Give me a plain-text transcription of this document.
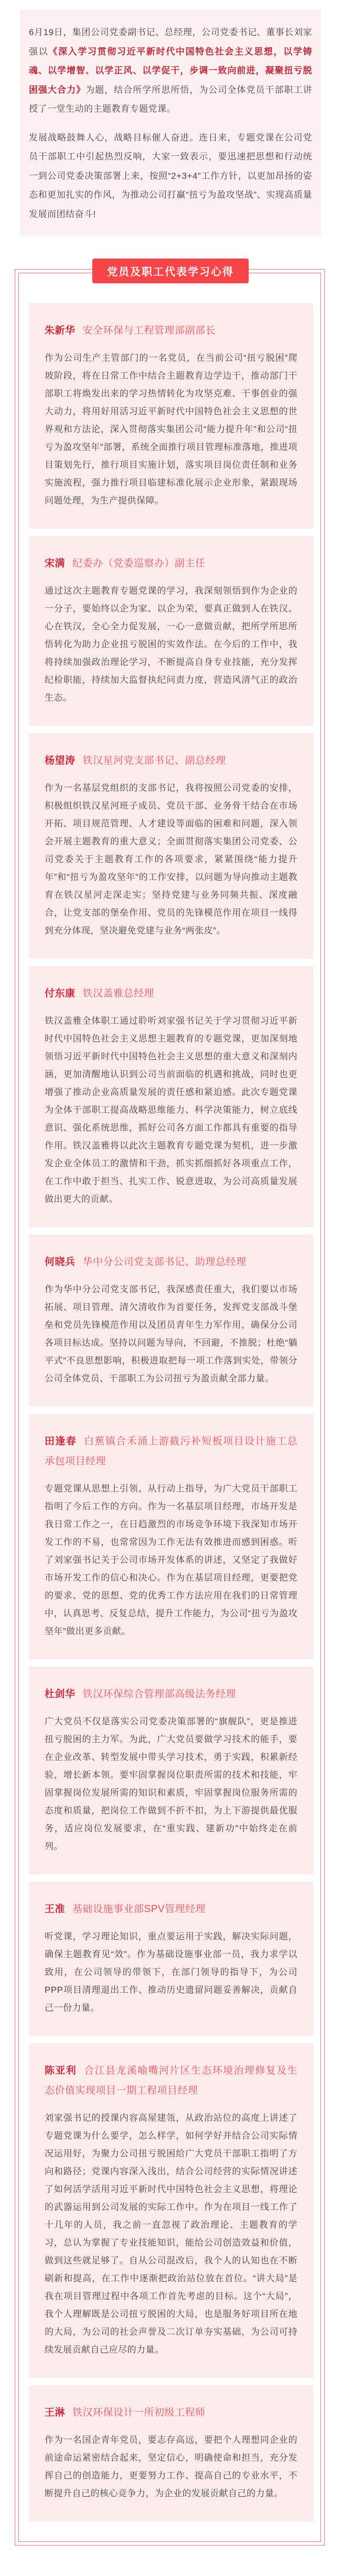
6月19日，集团公司党委副书记、总经理，公司党委书记、董事长刘家强以《深入学习贯彻习近平新时代中国特色社会主义思想，以学铸魂、以学增智、以学正风、以学促干，步调一致向前进，凝聚扭亏脱困强大合力》为题，结合所学所思所悟，为公司全体党员干部职工讲授了一堂生动的主题教育专题党课。

发展战略鼓舞人心，战略目标催人奋进。连日来，专题党课在公司党员干部职工中引起热烈反响，大家一致表示，要迅速把思想和行动统一到公司党委决策部署上来，按照“2+3+4”工作方针，以更加昂扬的姿态和更加扎实的作风，为推动公司打赢“扭亏为盈攻坚战”、实现高质量发展而团结奋斗!

党员及职工代表学习心得

朱新华 安全环保与工程管理部副部长

作为公司生产主管部门的一名党员，在当前公司“扭亏脱困”爬坡阶段，将在日常工作中结合主题教育边学边干，推动部门干部职工将焕发出来的学习热情转化为攻坚克难、干事创业的强大动力，将用好用活习近平新时代中国特色社会主义思想的世界观和方法论，深入贯彻落实集团公司“能力提升年”和公司“扭亏为盈攻坚年”部署，系统全面推行项目管理标准落地，推进项目策划先行，推行项目实施计划，落实项目岗位责任制和业务实施流程，强力推行项目临建标准化展示企业形象，紧跟现场问题处理，为生产提供保障。

宋满 纪委办（党委巡察办）副主任

通过这次主题教育专题党课的学习，我深刻领悟到作为企业的一分子，要始终以企为家、以企为荣，要真正做到人在铁汉、心在铁汉，全心全力促发展，一心一意做贡献，把所学所思所悟转化为助力企业扭亏脱困的实效作法。在今后的工作中，我将持续加强政治理论学习，不断提高自身专业技能，充分发挥纪检职能，持续加大监督执纪问责力度，营造风清气正的政治生态。

杨望涛 铁汉星河党支部书记、副总经理

作为一名基层党组织的支部书记，我将按照公司党委的安排，积极组织铁汉星河班子成员、党员干部、业务骨干结合在市场开拓、项目规范管理、人才建设等面临的困难和问题，深入领会开展主题教育的重大意义；全面贯彻落实集团公司党委、公司党委关于主题教育工作的各项要求，紧紧围绕“能力提升年”和“扭亏为盈攻坚年”的工作安排，以问题为导向推动主题教育在铁汉星河走深走实；坚持党建与业务同频共振、深度融合，让党支部的堡垒作用、党员的先锋模范作用在项目一线得到充分体现，坚决避免党建与业务“两张皮”。

付东康 铁汉盖雅总经理

铁汉盖雅全体职工通过聆听刘家强书记关于学习贯彻习近平新时代中国特色社会主义思想主题教育的专题党课，更加深刻地领悟习近平新时代中国特色社会主义思想的重大意义和深刻内涵，更加清醒地认识到公司当前面临的机遇和挑战，同时也更增强了推动企业高质量发展的责任感和紧迫感。此次专题党课为全体干部职工提高战略思维能力、科学决策能力，树立底线意识、强化系统思维，抓好公司各方面工作都具有重要的指导作用。铁汉盖雅将以此次主题教育专题党课为契机，进一步激发企业全体员工的激情和干劲，抓实抓细抓好各项重点工作，在工作中敢于担当、扎实工作、锐意进取，为公司高质量发展做出更大的贡献。

何晓兵 华中分公司党支部书记、助理总经理

作为华中分公司党支部书记，我深感责任重大，我们要以市场拓展、项目管理、清欠清收作为首要任务，发挥党支部战斗堡垒和党员先锋模范作用以及团员青年生力军作用，确保分公司各项目标达成。坚持以问题为导向，不回避，不推脱；杜绝“躺平式”不良思想影响，积极进取把每一项工作落到实处，带领分公司全体党员、干部职工为公司扭亏为盈贡献全部力量。

田逢春 白蕉镇合禾涌上游截污补短板项目设计施工总承包项目经理

专题党课从思想上引领、从行动上指导，为广大党员干部职工指明了今后工作的方向。作为一名基层项目经理，市场开发是我日常工作之一，在日趋激烈的市场竞争环境下我深知市场开发工作的不易，也常常因为工作无法有效推进而感到困惑。听了刘家强书记关于公司市场开发体系的讲述，又坚定了我做好市场开发工作的信心和决心。作为在基层项目经理，更要把党的要求、党的思想、党的优秀工作方法应用在我们的日常管理中，认真思考、反复总结，提升工作能力，为公司“扭亏为盈攻坚年”做出更多贡献。

杜剑华 铁汉环保综合管理部高级法务经理

广大党员不仅是落实公司党委决策部署的“旗舰队”，更是推进扭亏脱困的主力军。为此，广大党员要做学习技术的能手，要在企业改革、转型发展中带头学习技术，勇于实践，积累新经验，增长新本领。要牢固掌握岗位职责所需的技术和技能，牢固掌握岗位发展所需的知识和素质，牢固掌握岗位服务所需的态度和质量，把岗位工作做到不折不扣，为上下游提供最优服务，适应岗位发展要求，在“重实践、建新功”中始终走在前列。

王准 基础设施事业部SPV管理经理

听党课，学习理论知识，重点要运用于实践，解决实际问题，确保主题教育见“效”。作为基础设施事业部一员，我力求学以致用，在公司领导的带领下，在部门领导的指导下，为公司PPP项目清理退出工作、推动历史遗留问题妥善解决，贡献自己一份力量。

陈亚利 合江县龙溪喻嘴河片区生态环境治理修复及生态价值实现项目一期工程项目经理

刘家强书记的授课内容高屋建瓴，从政治站位的高度上讲述了专题党课为什么要学，怎么样学，如何学好并结合公司实际情况运用好，为聚力公司扭亏脱困给广大党员干部职工指明了方向和路径；党课内容深入浅出，结合公司经营的实际情况讲述了如何活学活用习近平新时代中国特色社会主义思想，将理论的武器运用到公司发展的实际工作中。作为在项目一线工作了十几年的人员，我之前一直忽视了政治理论、主题教育的学习，总认为掌握了专业技能知识，能给公司创造效益和价值，做到这些就足够了。自从公司混改后，我个人的认知也在不断刷新和提高，在工作中逐渐把政治站位放在首位。“讲大局”是我在项目管理过程中各项工作首先考虑的目标。这个“大局”，我个人理解既是公司扭亏脱困的大局，也是服务好项目所在地的大局，为公司的社会声誉及二次订单夯实基础，为公司可持续发展贡献自己应尽的力量。

王淋 铁汉环保设计一所初级工程师

作为一名国企青年党员，要志存高远，要把个人理想同企业的前途命运紧密结合起来，坚定信心，明确使命和担当，充分发挥自己的创造能力，更要努力工作、提高自己的专业水平，不断提升自己的核心竞争力，为企业的发展贡献自己的力量。
